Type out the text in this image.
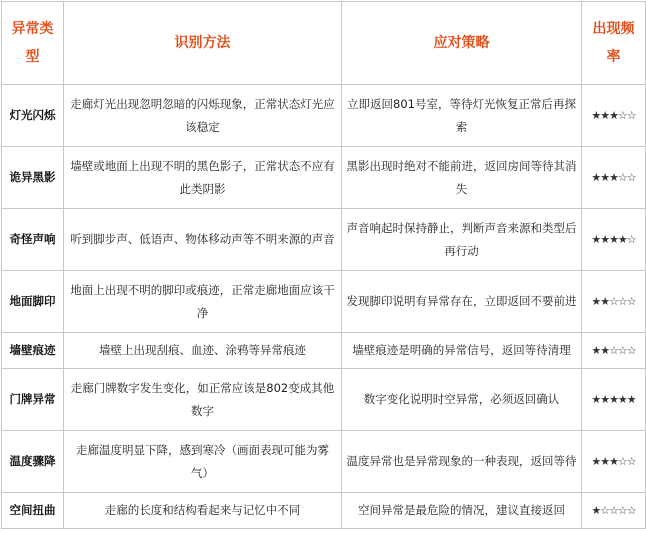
异常类型	识别方法	应对策略	出现频率
灯光闪烁	走廊灯光出现忽明忽暗的闪烁现象，正常状态灯光应该稳定	立即返回801号室，等待灯光恢复正常后再探索	★★★☆☆
诡异黑影	墙壁或地面上出现不明的黑色影子，正常状态不应有此类阴影	黑影出现时绝对不能前进，返回房间等待其消失	★★★☆☆
奇怪声响	听到脚步声、低语声、物体移动声等不明来源的声音	声音响起时保持静止，判断声音来源和类型后再行动	★★★★☆
地面脚印	地面上出现不明的脚印或痕迹，正常走廊地面应该干净	发现脚印说明有异常存在，立即返回不要前进	★★☆☆☆
墙壁痕迹	墙壁上出现刮痕、血迹、涂鸦等异常痕迹	墙壁痕迹是明确的异常信号，返回等待清理	★★☆☆☆
门牌异常	走廊门牌数字发生变化，如正常应该是802变成其他数字	数字变化说明时空异常，必须返回确认	★★★★★
温度骤降	走廊温度明显下降，感到寒冷（画面表现可能为雾气）	温度异常也是异常现象的一种表现，返回等待	★★★☆☆
空间扭曲	走廊的长度和结构看起来与记忆中不同	空间异常是最危险的情况，建议直接返回	★☆☆☆☆
